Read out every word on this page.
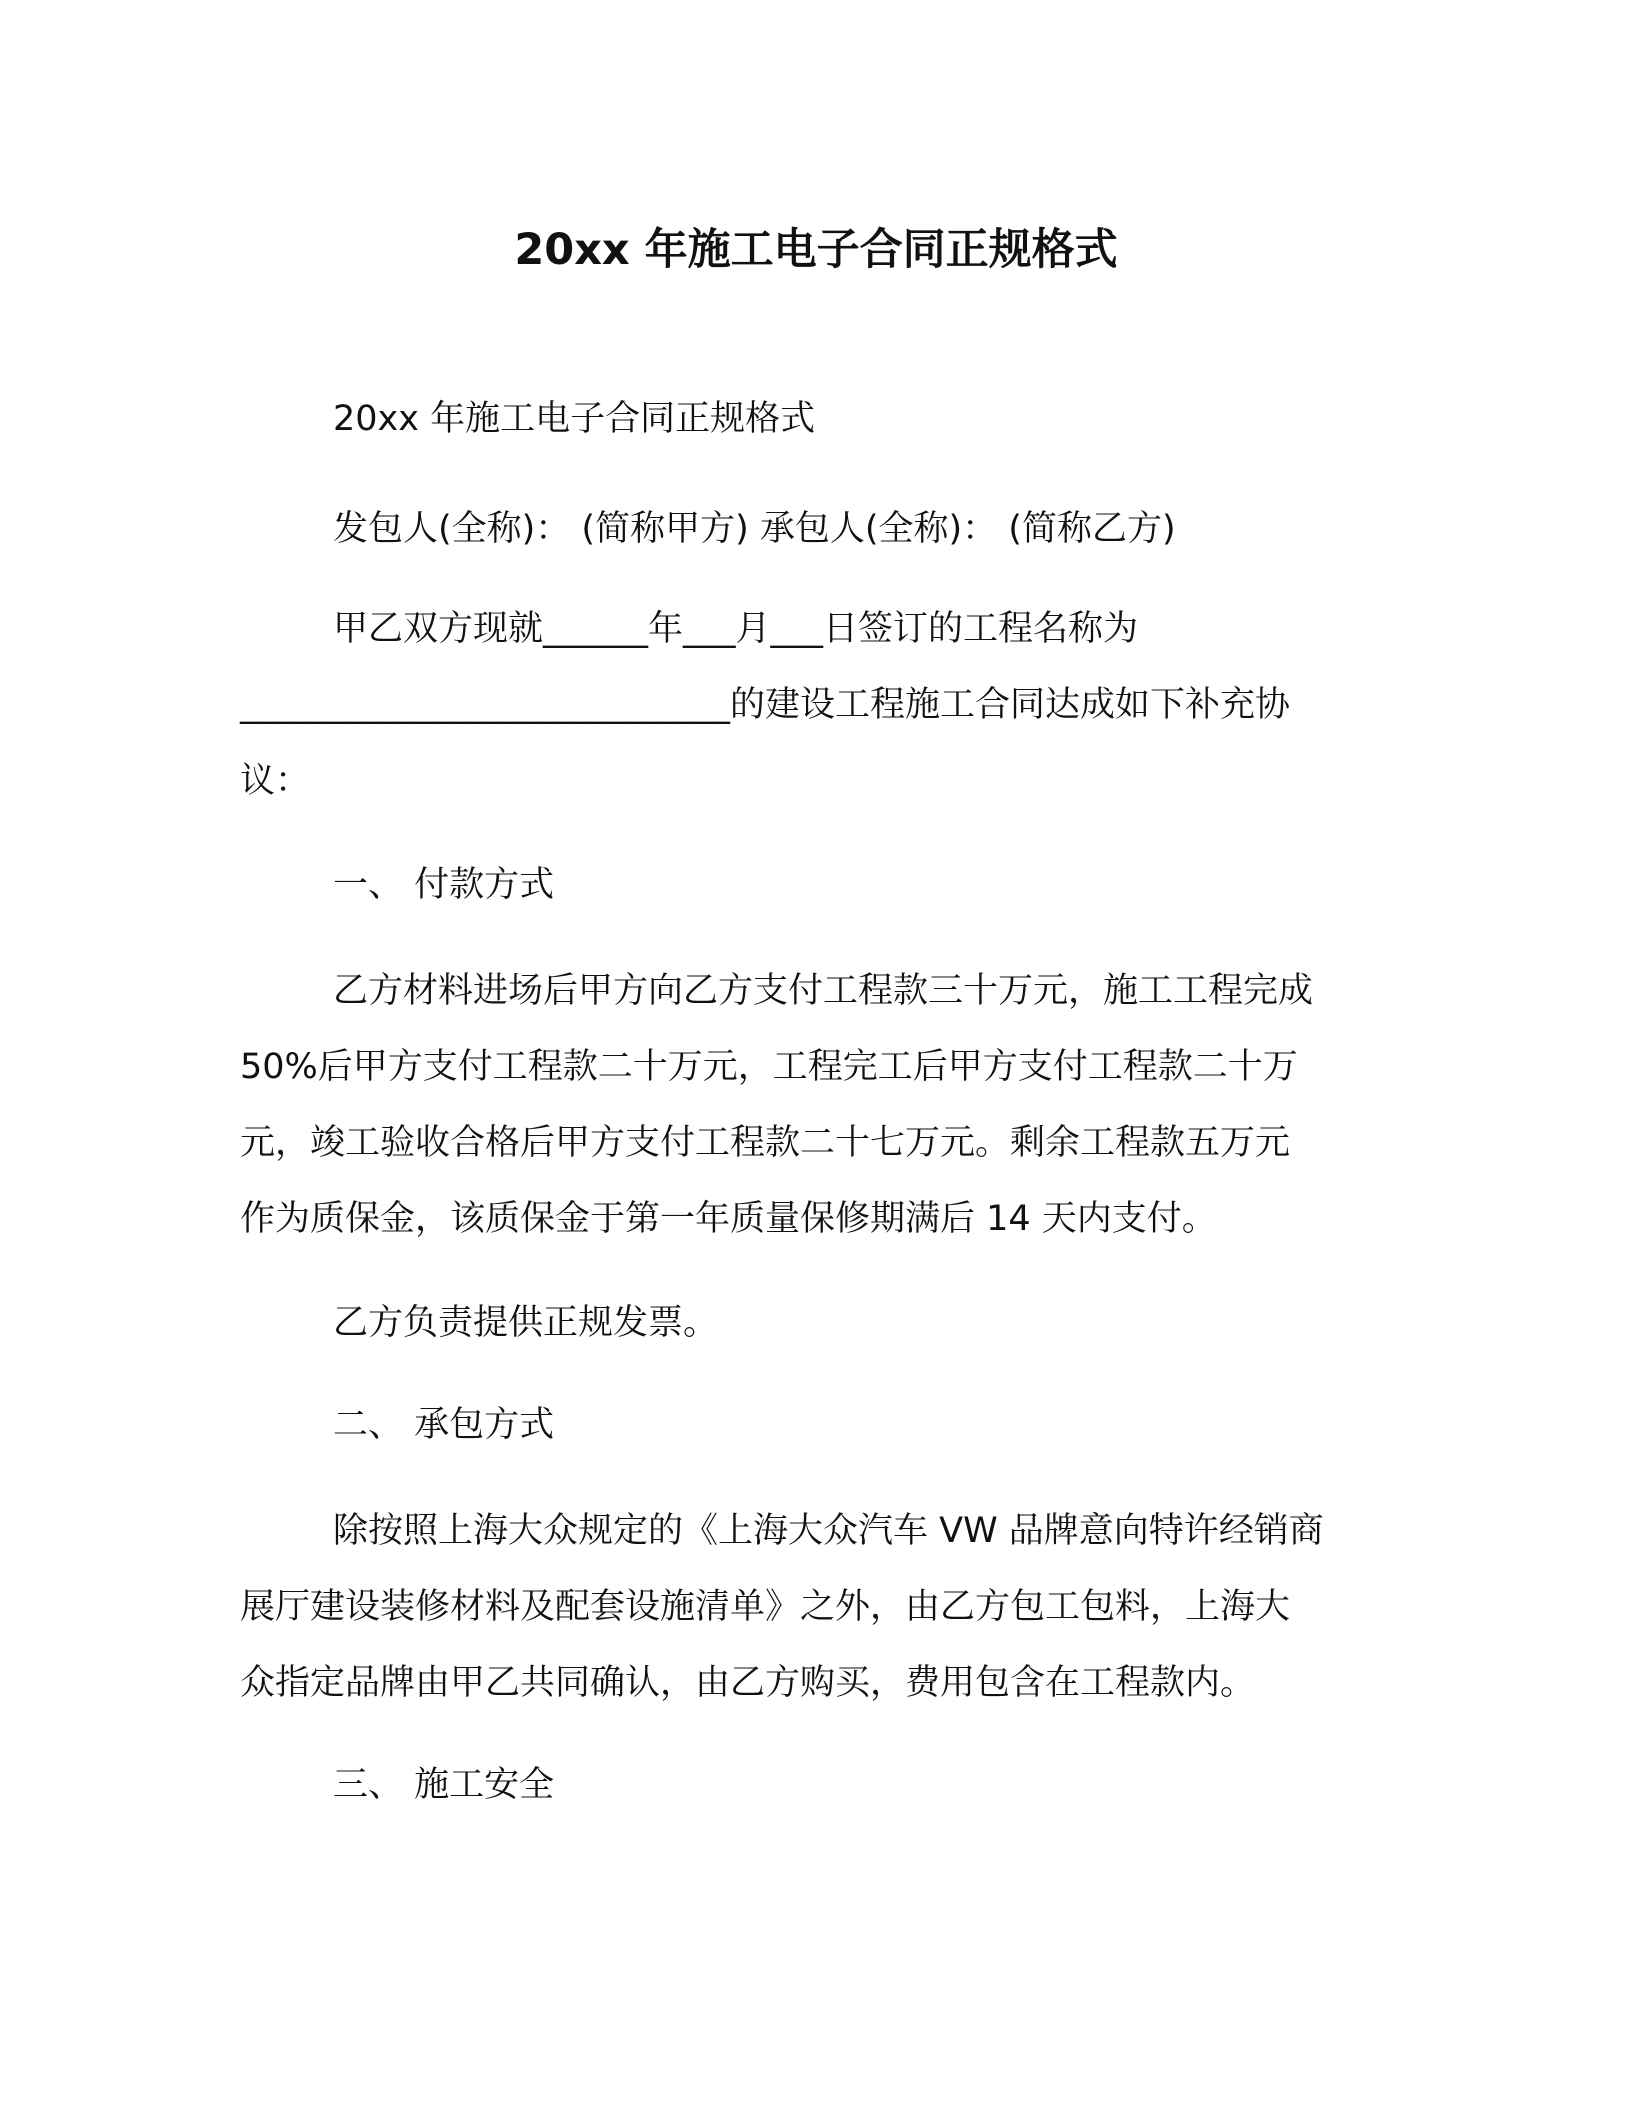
20xx 年施工电子合同正规格式
20xx 年施工电子合同正规格式
发包人(全称)： (简称甲方) 承包人(全称)： (简称乙方)
甲乙双方现就______年___月___日签订的工程名称为
____________________________的建设工程施工合同达成如下补充协
议：
一、 付款方式
乙方材料进场后甲方向乙方支付工程款三十万元，施工工程完成
50%后甲方支付工程款二十万元，工程完工后甲方支付工程款二十万
元，竣工验收合格后甲方支付工程款二十七万元。剩余工程款五万元
作为质保金，该质保金于第一年质量保修期满后 14 天内支付。
乙方负责提供正规发票。
二、 承包方式
除按照上海大众规定的《上海大众汽车 VW 品牌意向特许经销商
展厅建设装修材料及配套设施清单》之外，由乙方包工包料，上海大
众指定品牌由甲乙共同确认，由乙方购买，费用包含在工程款内。
三、 施工安全
